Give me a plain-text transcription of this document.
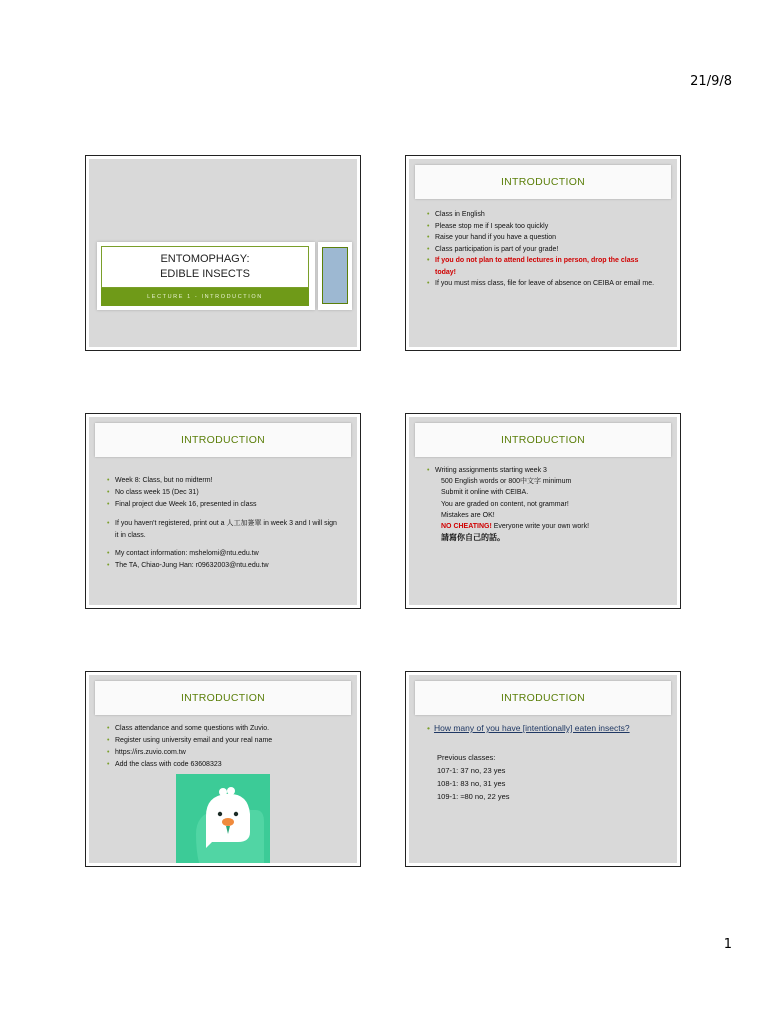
21/9/8
ENTOMOPHAGY:
EDIBLE INSECTS
LECTURE 1 - INTRODUCTION
INTRODUCTION
• Class in English
• Please stop me if I speak too quickly
• Raise your hand if you have a question
• Class participation is part of your grade!
• If you do not plan to attend lectures in person, drop the class today!
• If you must miss class, file for leave of absence on CEIBA or email me.
INTRODUCTION
• Week 8: Class, but no midterm!
• No class week 15 (Dec 31)
• Final project due Week 16, presented in class
• If you haven't registered, print out a 人工加簽單 in week 3 and I will sign it in class.
• My contact information: mshelomi@ntu.edu.tw
• The TA, Chiao-Jung Han: r09632003@ntu.edu.tw
INTRODUCTION
• Writing assignments starting week 3
500 English words or 800中文字 minimum
Submit it online with CEIBA.
You are graded on content, not grammar!
Mistakes are OK!
NO CHEATING! Everyone write your own work!
請寫你自己的話。
INTRODUCTION
• Class attendance and some questions with Zuvio.
• Register using university email and your real name
• https://irs.zuvio.com.tw
• Add the class with code 63608323
INTRODUCTION
• How many of you have [intentionally] eaten insects?
Previous classes:
107-1: 37 no, 23 yes
108-1: 83 no, 31 yes
109-1: ≈80 no, 22 yes
1
